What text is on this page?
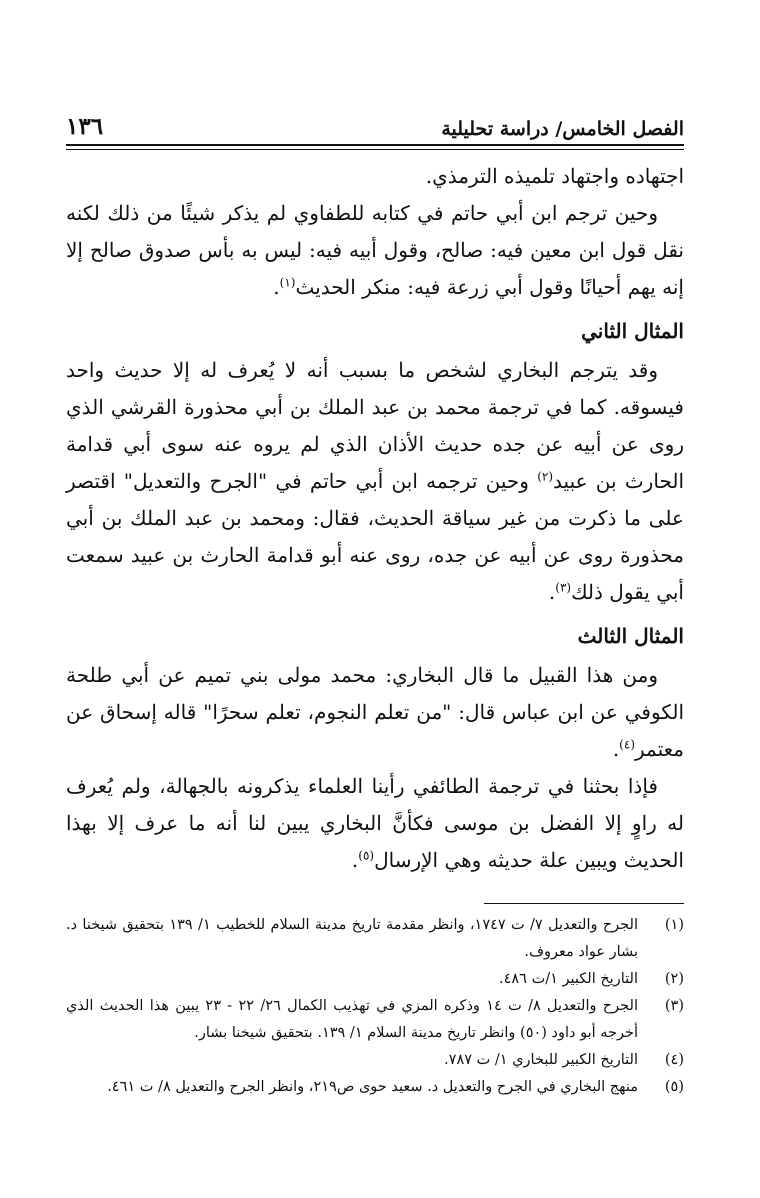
الفصل الخامس/ دراسة تحليلية
١٣٦

اجتهاده واجتهاد تلميذه الترمذي.

وحين ترجم ابن أبي حاتم في كتابه للطفاوي لم يذكر شيئًا من ذلك لكنه نقل قول ابن معين فيه: صالح، وقول أبيه فيه: ليس به بأس صدوق صالح إلا إنه يهم أحيانًا وقول أبي زرعة فيه: منكر الحديث$^{(١)}$.

المثال الثاني

وقد يترجم البخاري لشخص ما بسبب أنه لا يُعرف له إلا حديث واحد فيسوقه. كما في ترجمة محمد بن عبد الملك بن أبي محذورة القرشي الذي روى عن أبيه عن جده حديث الأذان الذي لم يروه عنه سوى أبي قدامة الحارث بن عبيد$^{(٢)}$ وحين ترجمه ابن أبي حاتم في "الجرح والتعديل" اقتصر على ما ذكرت من غير سياقة الحديث، فقال: ومحمد بن عبد الملك بن أبي محذورة روى عن أبيه عن جده، روى عنه أبو قدامة الحارث بن عبيد سمعت أبي يقول ذلك$^{(٣)}$.

المثال الثالث

ومن هذا القبيل ما قال البخاري: محمد مولى بني تميم عن أبي طلحة الكوفي عن ابن عباس قال: "من تعلم النجوم، تعلم سحرًا" قاله إسحاق عن معتمر$^{(٤)}$.

فإذا بحثنا في ترجمة الطائفي رأينا العلماء يذكرونه بالجهالة، ولم يُعرف له راوٍ إلا الفضل بن موسى فكأنَّ البخاري يبين لنا أنه ما عرف إلا بهذا الحديث ويبين علة حديثه وهي الإرسال$^{(٥)}$.

(١)
الجرح والتعديل ٧/ ت ١٧٤٧، وانظر مقدمة تاريخ مدينة السلام للخطيب ١/ ١٣٩ بتحقيق شيخنا د. بشار عواد معروف.
(٢)
التاريخ الكبير ١/ت ٤٨٦.
(٣)
الجرح والتعديل ٨/ ت ١٤ وذكره المزي في تهذيب الكمال ٢٦/ ٢٢ - ٢٣ يبين هذا الحديث الذي أخرجه أبو داود (٥٠) وانظر تاريخ مدينة السلام ١/ ١٣٩. بتحقيق شيخنا بشار.
(٤)
التاريخ الكبير للبخاري ١/ ت ٧٨٧.
(٥)
منهج البخاري في الجرح والتعديل د. سعيد حوى ص٢١٩، وانظر الجرح والتعديل ٨/ ت ٤٦١.
